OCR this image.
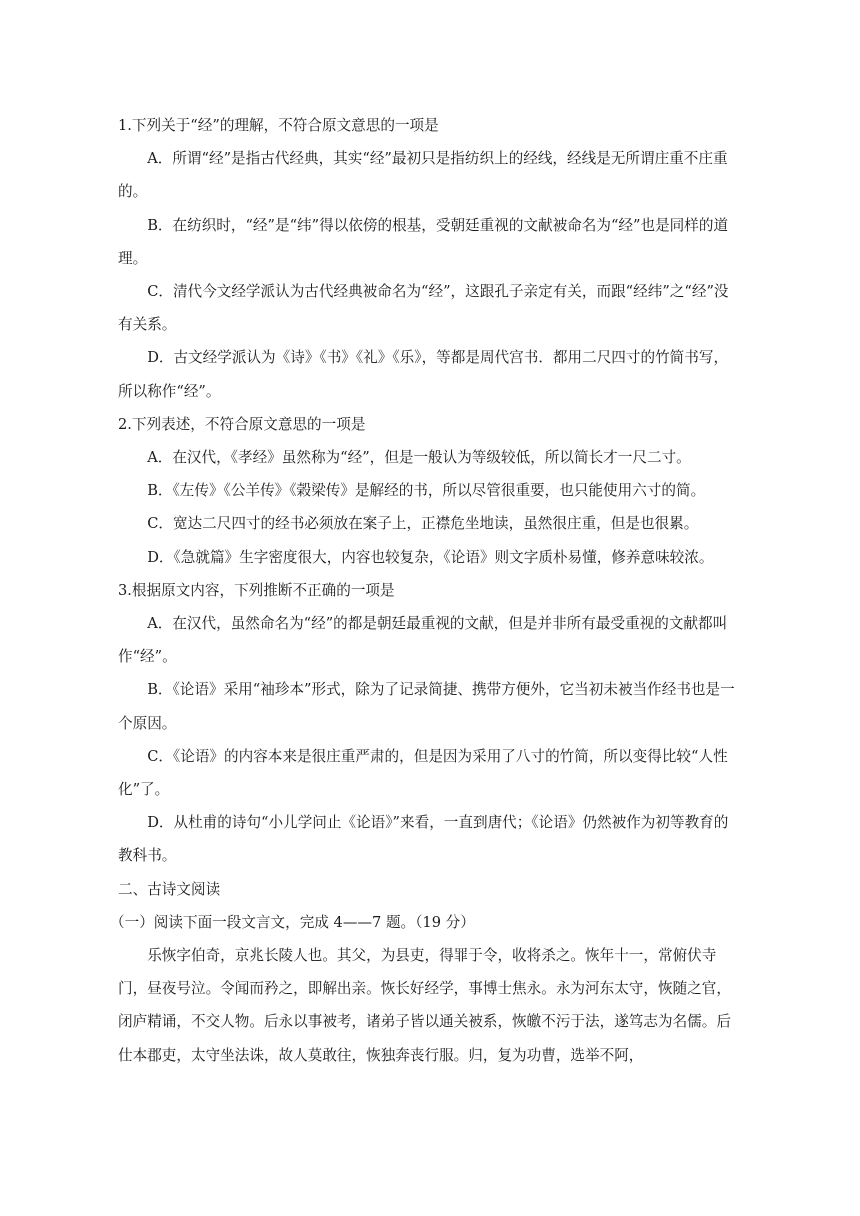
1.下列关于“经”的理解，不符合原文意思的一项是

A．所谓“经”是指古代经典，其实“经”最初只是指纺织上的经线，经线是无所谓庄重不庄重的。

B．在纺织时，“经”是“纬”得以依傍的根基，受朝廷重视的文献被命名为“经”也是同样的道理。

C．清代今文经学派认为古代经典被命名为“经”，这跟孔子亲定有关，而跟“经纬”之“经”没有关系。

D．古文经学派认为《诗》《书》《礼》《乐》，等都是周代宫书．都用二尺四寸的竹简书写，所以称作“经”。

2.下列表述，不符合原文意思的一项是

A．在汉代，《孝经》虽然称为“经”，但是一般认为等级较低，所以简长才一尺二寸。

B．《左传》《公羊传》《榖梁传》是解经的书，所以尽管很重要，也只能使用六寸的简。

C．宽达二尺四寸的经书必须放在案子上，正襟危坐地读，虽然很庄重，但是也很累。

D．《急就篇》生字密度很大，内容也较复杂，《论语》则文字质朴易懂，修养意味较浓。

3.根据原文内容，下列推断不正确的一项是

A．在汉代，虽然命名为“经”的都是朝廷最重视的文献，但是并非所有最受重视的文献都叫作“经”。

B．《论语》采用“袖珍本”形式，除为了记录简捷、携带方便外，它当初未被当作经书也是一个原因。

C．《论语》的内容本来是很庄重严肃的，但是因为采用了八寸的竹简，所以变得比较“人性化”了。

D．从杜甫的诗句“小儿学问止《论语》”来看，一直到唐代；《论语》仍然被作为初等教育的教科书。

二、古诗文阅读

（一）阅读下面一段文言文，完成 4——7 题。（19 分）

乐恢字伯奇，京兆长陵人也。其父，为县吏，得罪于令，收将杀之。恢年十一，常俯伏寺门，昼夜号泣。令闻而矜之，即解出亲。恢长好经学，事博士焦永。永为河东太守，恢随之官，闭庐精诵，不交人物。后永以事被考，诸弟子皆以通关被系，恢皦不污于法，遂笃志为名儒。后仕本郡吏，太守坐法诛，故人莫敢往，恢独奔丧行服。归，复为功曹，选举不阿，
